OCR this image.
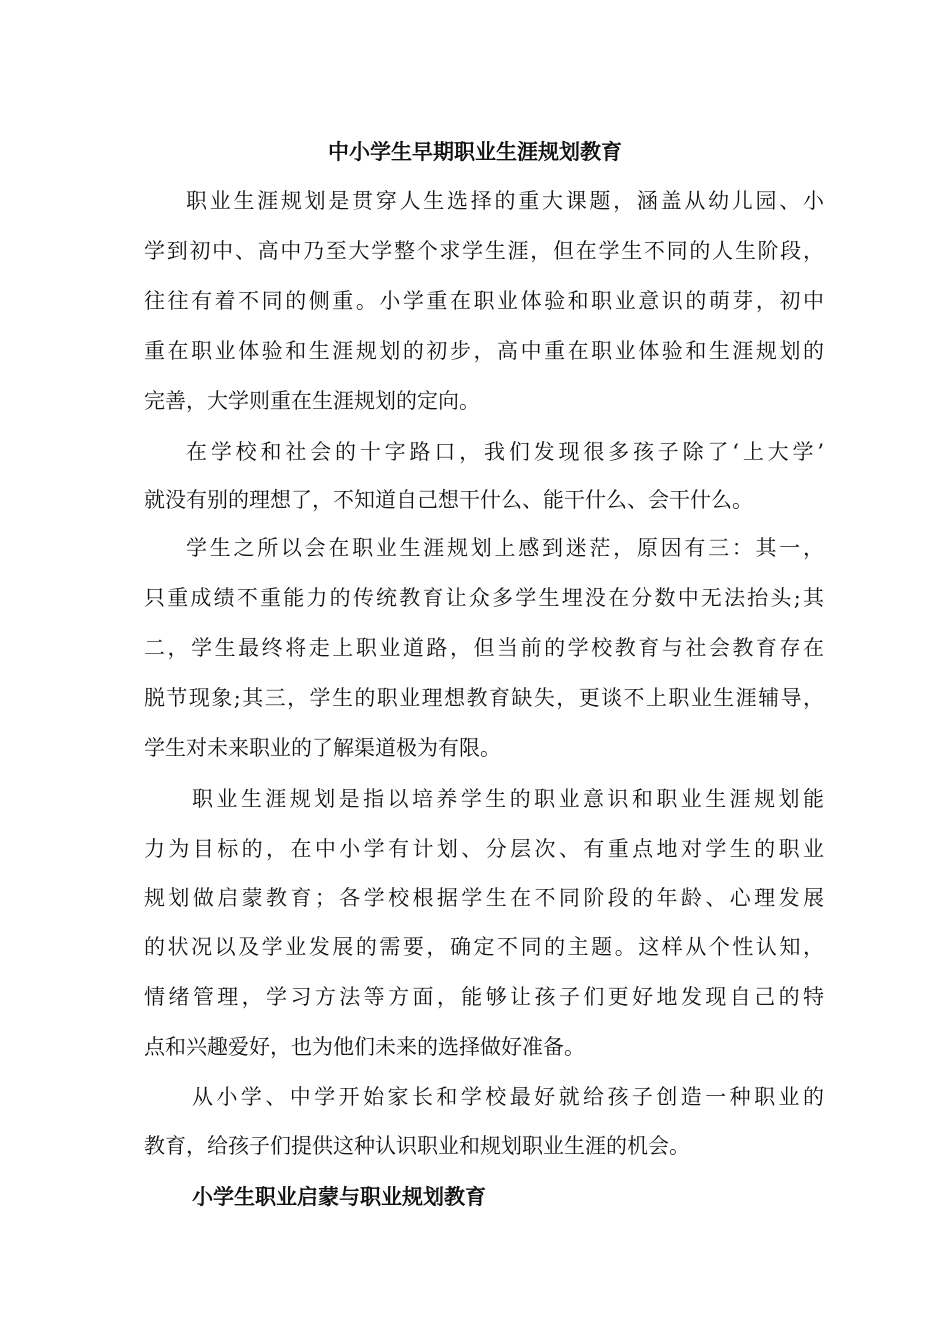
中小学生早期职业生涯规划教育
职业生涯规划是贯穿人生选择的重大课题，涵盖从幼儿园、小
学到初中、高中乃至大学整个求学生涯，但在学生不同的人生阶段，
往往有着不同的侧重。小学重在职业体验和职业意识的萌芽，初中
重在职业体验和生涯规划的初步，高中重在职业体验和生涯规划的
完善，大学则重在生涯规划的定向。
在学校和社会的十字路口，我们发现很多孩子除了‘上大学’
就没有别的理想了，不知道自己想干什么、能干什么、会干什么。
学生之所以会在职业生涯规划上感到迷茫，原因有三：其一，
只重成绩不重能力的传统教育让众多学生埋没在分数中无法抬头;其
二，学生最终将走上职业道路，但当前的学校教育与社会教育存在
脱节现象;其三，学生的职业理想教育缺失，更谈不上职业生涯辅导，
学生对未来职业的了解渠道极为有限。
职业生涯规划是指以培养学生的职业意识和职业生涯规划能
力为目标的，在中小学有计划、分层次、有重点地对学生的职业
规划做启蒙教育；各学校根据学生在不同阶段的年龄、心理发展
的状况以及学业发展的需要，确定不同的主题。这样从个性认知，
情绪管理，学习方法等方面，能够让孩子们更好地发现自己的特
点和兴趣爱好，也为他们未来的选择做好准备。
从小学、中学开始家长和学校最好就给孩子创造一种职业的
教育，给孩子们提供这种认识职业和规划职业生涯的机会。
小学生职业启蒙与职业规划教育
